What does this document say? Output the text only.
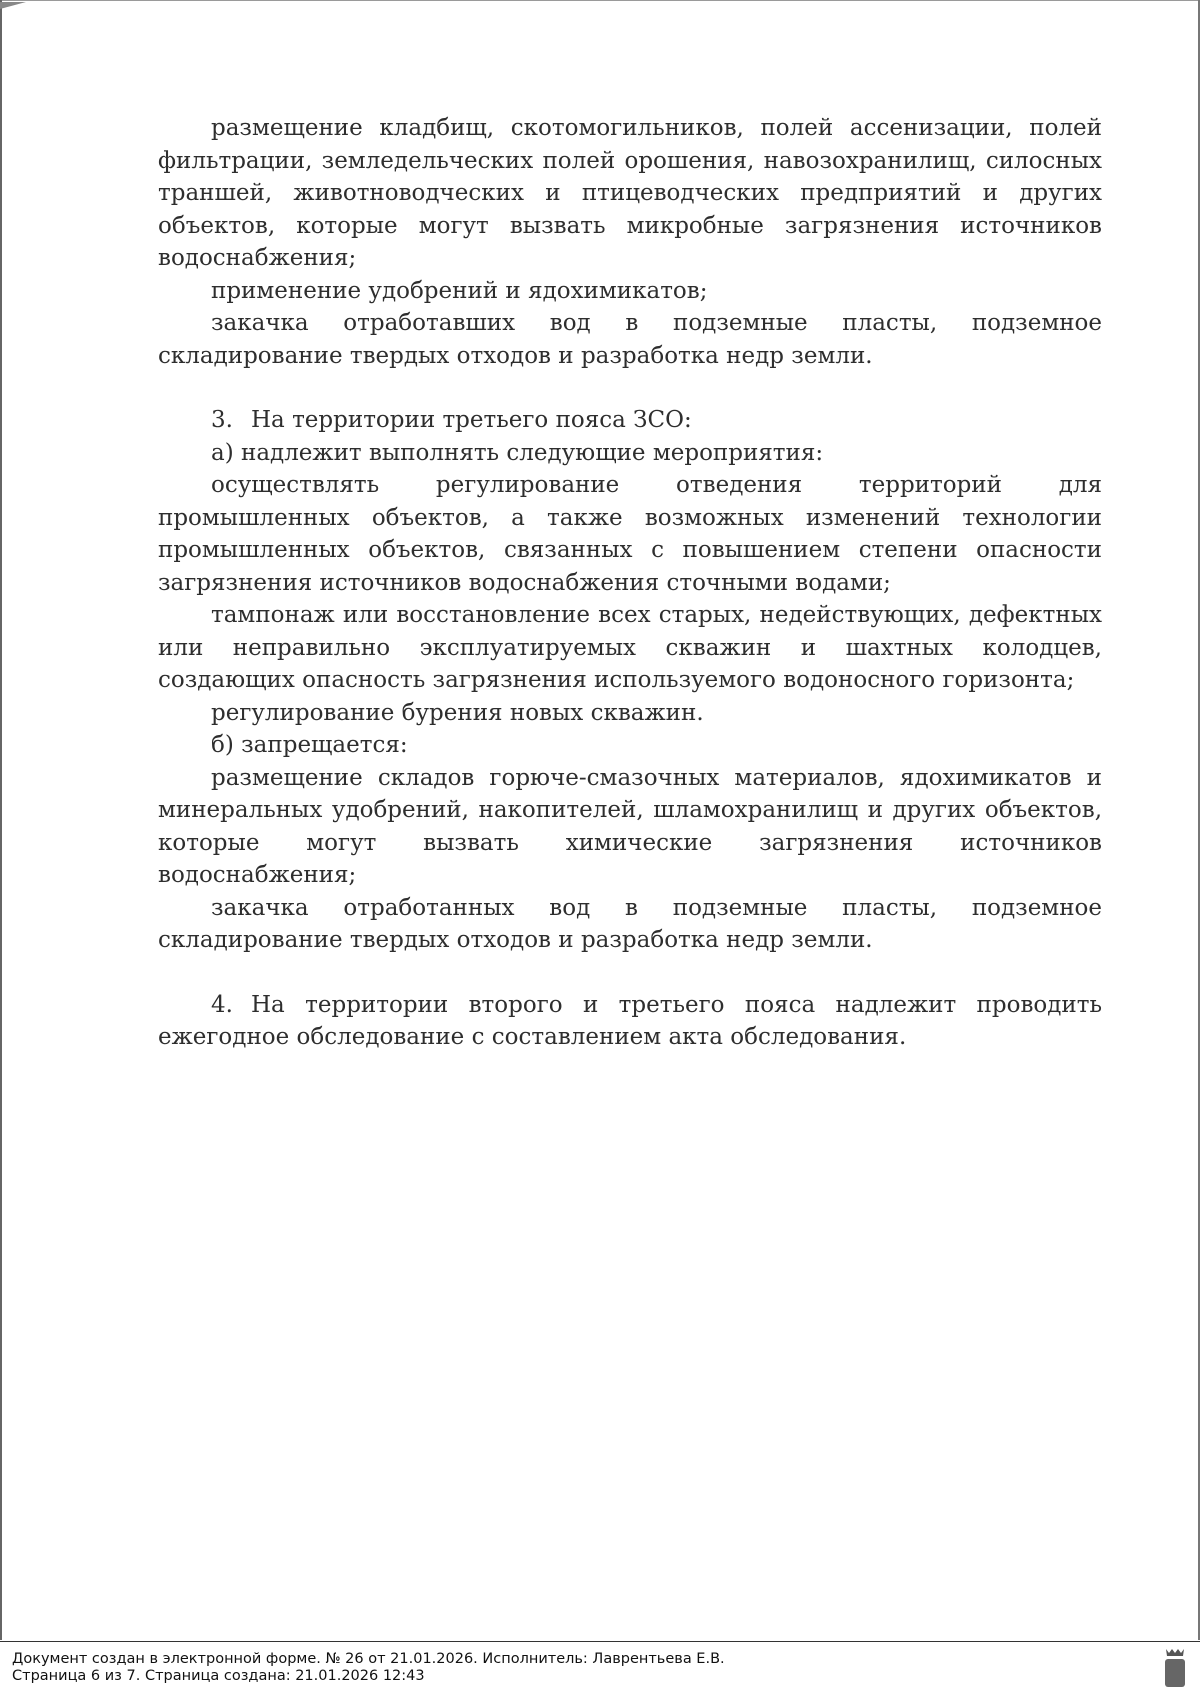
размещение кладбищ, скотомогильников, полей ассенизации, полей фильтрации, земледельческих полей орошения, навозохранилищ, силосных траншей, животноводческих и птицеводческих предприятий и других объектов, которые могут вызвать микробные загрязнения источников водоснабжения;

применение удобрений и ядохимикатов;

закачка отработавших вод в подземные пласты, подземное складирование твердых отходов и разработка недр земли.

3. На территории третьего пояса ЗСО:

а) надлежит выполнять следующие мероприятия:

осуществлять регулирование отведения территорий для промышленных объектов, а также возможных изменений технологии промышленных объектов, связанных с повышением степени опасности загрязнения источников водоснабжения сточными водами;

тампонаж или восстановление всех старых, недействующих, дефектных или неправильно эксплуатируемых скважин и шахтных колодцев, создающих опасность загрязнения используемого водоносного горизонта;

регулирование бурения новых скважин.

б) запрещается:

размещение складов горюче-смазочных материалов, ядохимикатов и минеральных удобрений, накопителей, шламохранилищ и других объектов, которые могут вызвать химические загрязнения источников водоснабжения;

закачка отработанных вод в подземные пласты, подземное складирование твердых отходов и разработка недр земли.

4. На территории второго и третьего пояса надлежит проводить ежегодное обследование с составлением акта обследования.

Документ создан в электронной форме. № 26 от 21.01.2026. Исполнитель: Лаврентьева Е.В.
Страница 6 из 7. Страница создана: 21.01.2026 12:43
